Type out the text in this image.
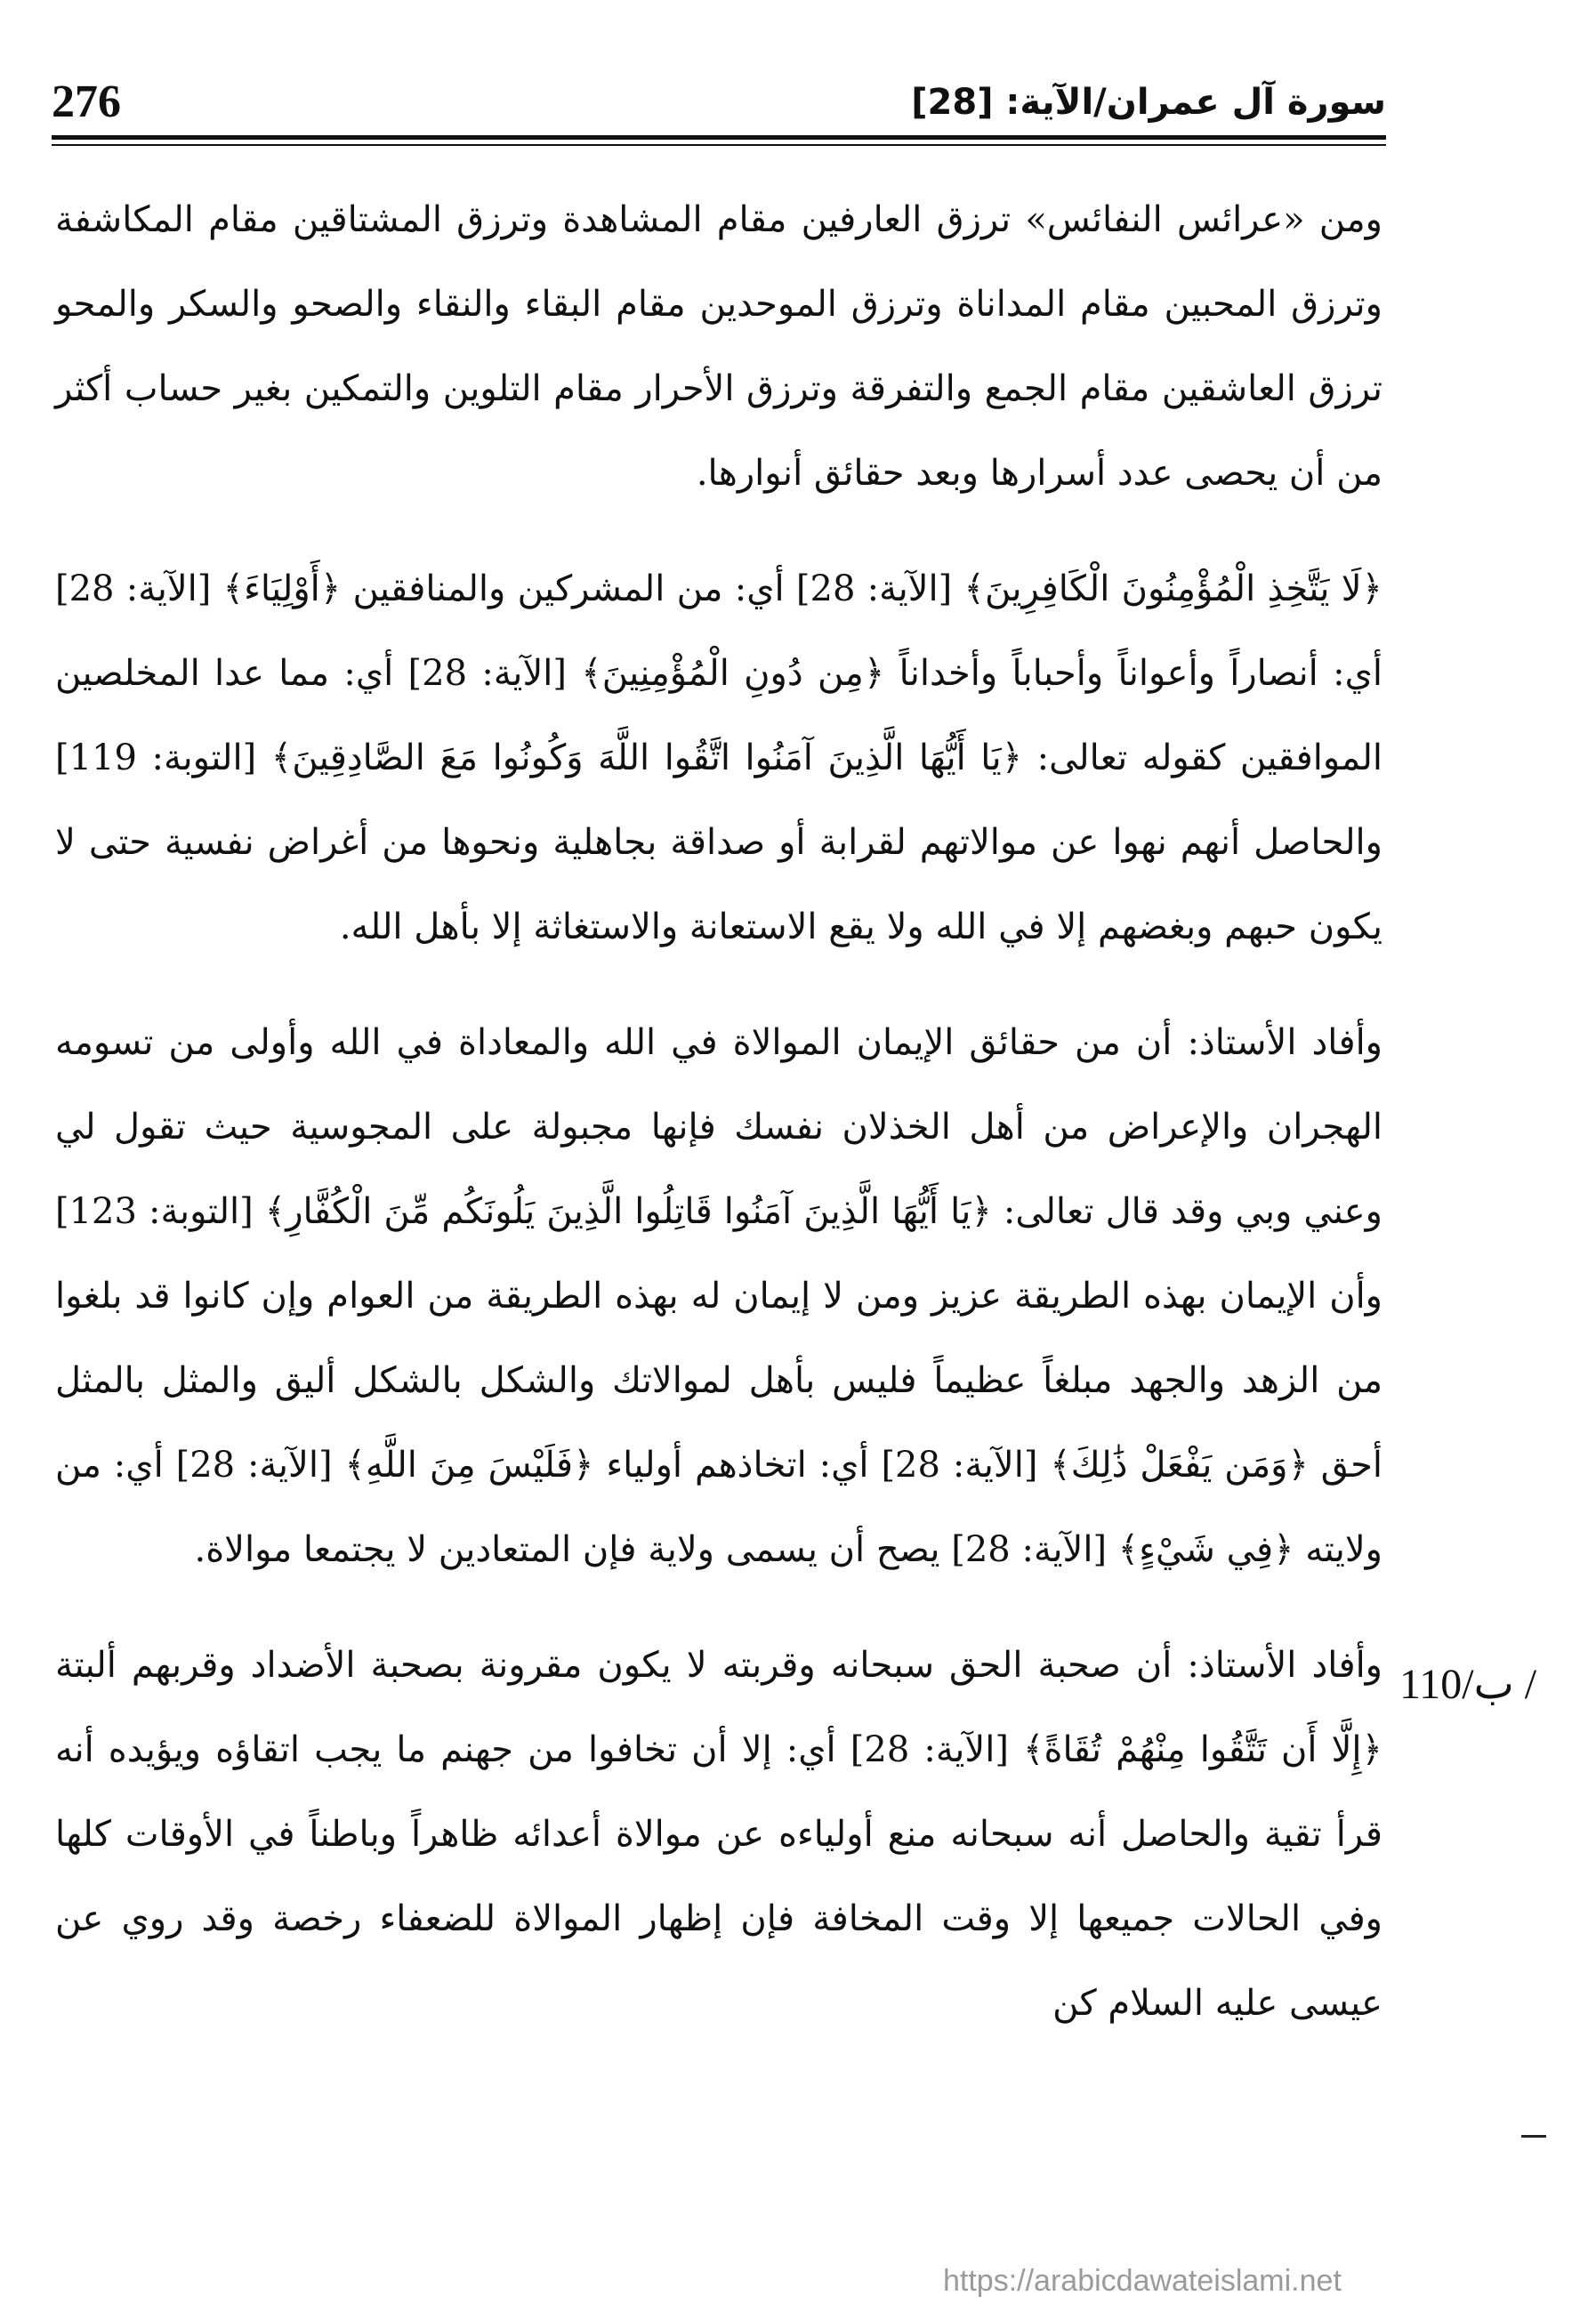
276	سورة آل عمران/الآية: [28]

ومن «عرائس النفائس» ترزق العارفين مقام المشاهدة وترزق المشتاقين مقام المكاشفة وترزق المحبين مقام المداناة وترزق الموحدين مقام البقاء والنقاء والصحو والسكر والمحو ترزق العاشقين مقام الجمع والتفرقة وترزق الأحرار مقام التلوين والتمكين بغير حساب أكثر من أن يحصى عدد أسرارها وبعد حقائق أنوارها.

﴿لَا يَتَّخِذِ الْمُؤْمِنُونَ الْكَافِرِينَ﴾ [الآية: 28] أي: من المشركين والمنافقين ﴿أَوْلِيَاءَ﴾ [الآية: 28] أي: أنصاراً وأعواناً وأحباباً وأخداناً ﴿مِن دُونِ الْمُؤْمِنِينَ﴾ [الآية: 28] أي: مما عدا المخلصين الموافقين كقوله تعالى: ﴿يَا أَيُّهَا الَّذِينَ آمَنُوا اتَّقُوا اللَّهَ وَكُونُوا مَعَ الصَّادِقِينَ﴾ [التوبة: 119] والحاصل أنهم نهوا عن موالاتهم لقرابة أو صداقة بجاهلية ونحوها من أغراض نفسية حتى لا يكون حبهم وبغضهم إلا في الله ولا يقع الاستعانة والاستغاثة إلا بأهل الله.

وأفاد الأستاذ: أن من حقائق الإيمان الموالاة في الله والمعاداة في الله وأولى من تسومه الهجران والإعراض من أهل الخذلان نفسك فإنها مجبولة على المجوسية حيث تقول لي وعني وبي وقد قال تعالى: ﴿يَا أَيُّهَا الَّذِينَ آمَنُوا قَاتِلُوا الَّذِينَ يَلُونَكُم مِّنَ الْكُفَّارِ﴾ [التوبة: 123] وأن الإيمان بهذه الطريقة عزيز ومن لا إيمان له بهذه الطريقة من العوام وإن كانوا قد بلغوا من الزهد والجهد مبلغاً عظيماً فليس بأهل لموالاتك والشكل بالشكل أليق والمثل بالمثل أحق ﴿وَمَن يَفْعَلْ ذَٰلِكَ﴾ [الآية: 28] أي: اتخاذهم أولياء ﴿فَلَيْسَ مِنَ اللَّهِ﴾ [الآية: 28] أي: من ولايته ﴿فِي شَيْءٍ﴾ [الآية: 28] يصح أن يسمى ولاية فإن المتعادين لا يجتمعا موالاة.

وأفاد الأستاذ: أن صحبة الحق سبحانه وقربته لا يكون مقرونة بصحبة الأضداد وقربهم ألبتة ﴿إِلَّا أَن تَتَّقُوا مِنْهُمْ تُقَاةً﴾ [الآية: 28] أي: إلا أن تخافوا من جهنم ما يجب اتقاؤه ويؤيده أنه قرأ تقية والحاصل أنه سبحانه منع أولياءه عن موالاة أعدائه ظاهراً وباطناً في الأوقات كلها وفي الحالات جميعها إلا وقت المخافة فإن إظهار الموالاة للضعفاء رخصة وقد روي عن عيسى عليه السلام كن

110/ب /
https://arabicdawateislami.net
